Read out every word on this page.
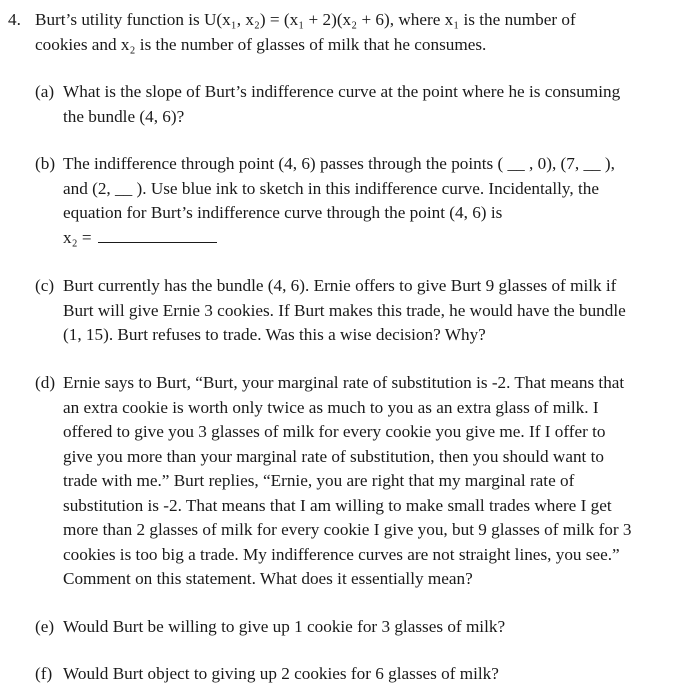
4. Burt’s utility function is U(x₁, x₂) = (x₁ + 2)(x₂ + 6), where x₁ is the number of
cookies and x₂ is the number of glasses of milk that he consumes.
(a) What is the slope of Burt’s indifference curve at the point where he is consuming
the bundle (4, 6)?
(b) The indifference through point (4, 6) passes through the points ( __ , 0), (7, __ ),
and (2, __ ). Use blue ink to sketch in this indifference curve. Incidentally, the
equation for Burt’s indifference curve through the point (4, 6) is
x₂ =
(c) Burt currently has the bundle (4, 6). Ernie offers to give Burt 9 glasses of milk if
Burt will give Ernie 3 cookies. If Burt makes this trade, he would have the bundle
(1, 15). Burt refuses to trade. Was this a wise decision? Why?
(d) Ernie says to Burt, “Burt, your marginal rate of substitution is -2. That means that
an extra cookie is worth only twice as much to you as an extra glass of milk. I
offered to give you 3 glasses of milk for every cookie you give me. If I offer to
give you more than your marginal rate of substitution, then you should want to
trade with me.” Burt replies, “Ernie, you are right that my marginal rate of
substitution is -2. That means that I am willing to make small trades where I get
more than 2 glasses of milk for every cookie I give you, but 9 glasses of milk for 3
cookies is too big a trade. My indifference curves are not straight lines, you see.”
Comment on this statement. What does it essentially mean?
(e) Would Burt be willing to give up 1 cookie for 3 glasses of milk?
(f) Would Burt object to giving up 2 cookies for 6 glasses of milk?
